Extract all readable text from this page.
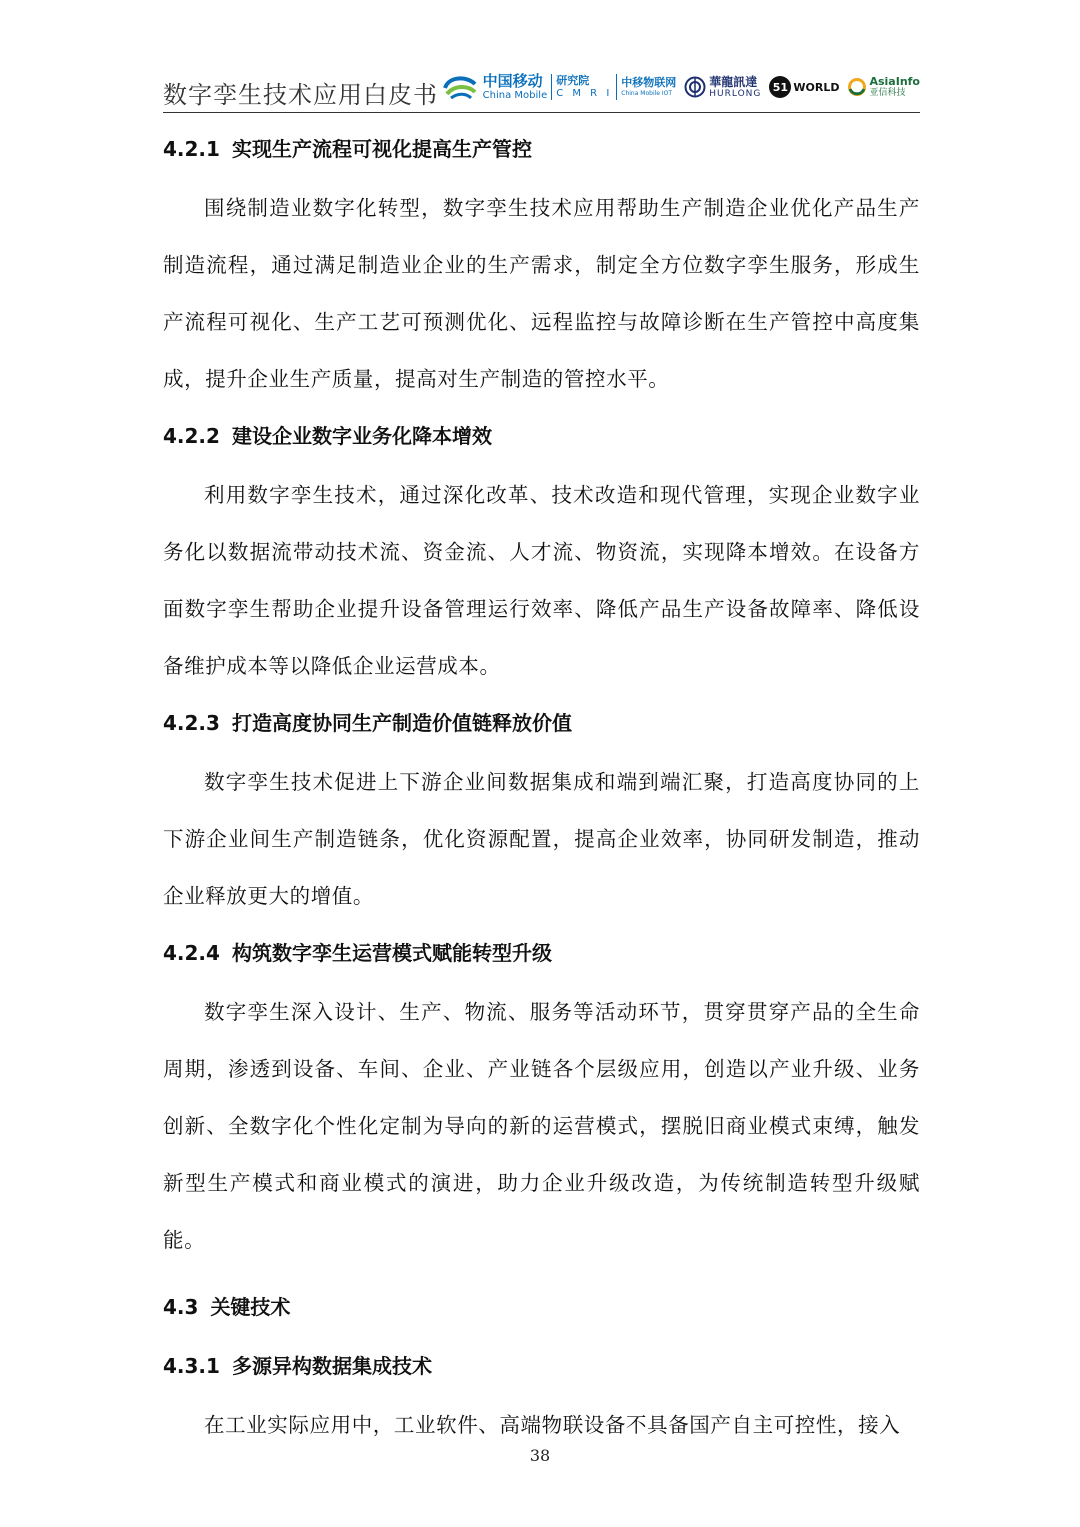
数字孪生技术应用白皮书
中国移动
China Mobile
研究院
C M R I
中移物联网
China Mobile IOT
華龍訊達
HURLONG	51 WORLD	AsiaInfo
亚信科技
4.2.1 实现生产流程可视化提高生产管控

围绕制造业数字化转型，数字孪生技术应用帮助生产制造企业优化产品生产制造流程，通过满足制造业企业的生产需求，制定全方位数字孪生服务，形成生产流程可视化、生产工艺可预测优化、远程监控与故障诊断在生产管控中高度集成，提升企业生产质量，提高对生产制造的管控水平。

4.2.2 建设企业数字业务化降本增效

利用数字孪生技术，通过深化改革、技术改造和现代管理，实现企业数字业务化以数据流带动技术流、资金流、人才流、物资流，实现降本增效。在设备方面数字孪生帮助企业提升设备管理运行效率、降低产品生产设备故障率、降低设备维护成本等以降低企业运营成本。

4.2.3 打造高度协同生产制造价值链释放价值

数字孪生技术促进上下游企业间数据集成和端到端汇聚，打造高度协同的上下游企业间生产制造链条，优化资源配置，提高企业效率，协同研发制造，推动企业释放更大的增值。

4.2.4 构筑数字孪生运营模式赋能转型升级

数字孪生深入设计、生产、物流、服务等活动环节，贯穿贯穿产品的全生命周期，渗透到设备、车间、企业、产业链各个层级应用，创造以产业升级、业务创新、全数字化个性化定制为导向的新的运营模式，摆脱旧商业模式束缚，触发新型生产模式和商业模式的演进，助力企业升级改造，为传统制造转型升级赋能。

4.3 关键技术
4.3.1 多源异构数据集成技术

在工业实际应用中，工业软件、高端物联设备不具备国产自主可控性，接入

38
